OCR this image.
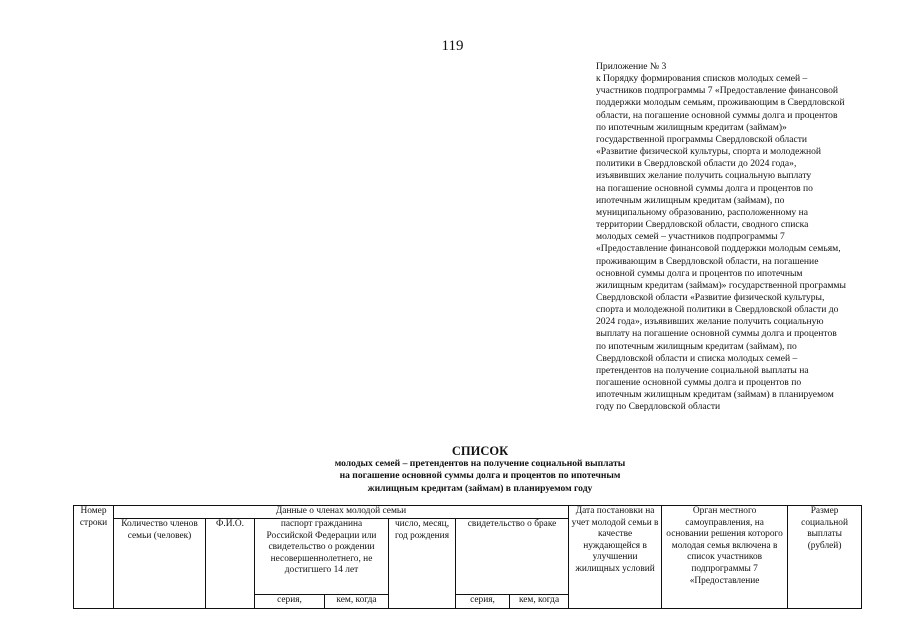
119
Приложение № 3
к Порядку формирования списков молодых семей –
участников подпрограммы 7 «Предоставление финансовой
поддержки молодым семьям, проживающим в Свердловской
области, на погашение основной суммы долга и процентов
по ипотечным жилищным кредитам (займам)»
государственной программы Свердловской области
«Развитие физической культуры, спорта и молодежной
политики в Свердловской области до 2024 года»,
изъявивших желание получить социальную выплату
на погашение основной суммы долга и процентов по
ипотечным жилищным кредитам (займам), по
муниципальному образованию, расположенному на
территории Свердловской области, сводного списка
молодых семей – участников подпрограммы 7
«Предоставление финансовой поддержки молодым семьям,
проживающим в Свердловской области, на погашение
основной суммы долга и процентов по ипотечным
жилищным кредитам (займам)» государственной программы
Свердловской области «Развитие физической культуры,
спорта и молодежной политики в Свердловской области до
2024 года», изъявивших желание получить социальную
выплату на погашение основной суммы долга и процентов
по ипотечным жилищным кредитам (займам), по
Свердловской области и списка молодых семей –
претендентов на получение социальной выплаты на
погашение основной суммы долга и процентов по
ипотечным жилищным кредитам (займам) в планируемом
году по Свердловской области
СПИСОК
молодых семей – претендентов на получение социальной выплаты
на погашение основной суммы долга и процентов по ипотечным
жилищным кредитам (займам) в планируемом году
Номер строки	Данные о членах молодой семьи							Дата постановки на учет молодой семьи в качестве нуждающейся в улучшении жилищных условий	Орган местного самоуправления, на основании решения которого молодая семья включена в список участников подпрограммы 7 «Предоставление	Размер социальной выплаты (рублей)
	Количество членов семьи (человек)	Ф.И.О.	паспорт гражданина Российской Федерации или свидетельство о рождении несовершеннолетнего, не достигшего 14 лет		число, месяц, год рождения	свидетельство о браке				
			серия,	кем, когда		серия,	кем, когда			
